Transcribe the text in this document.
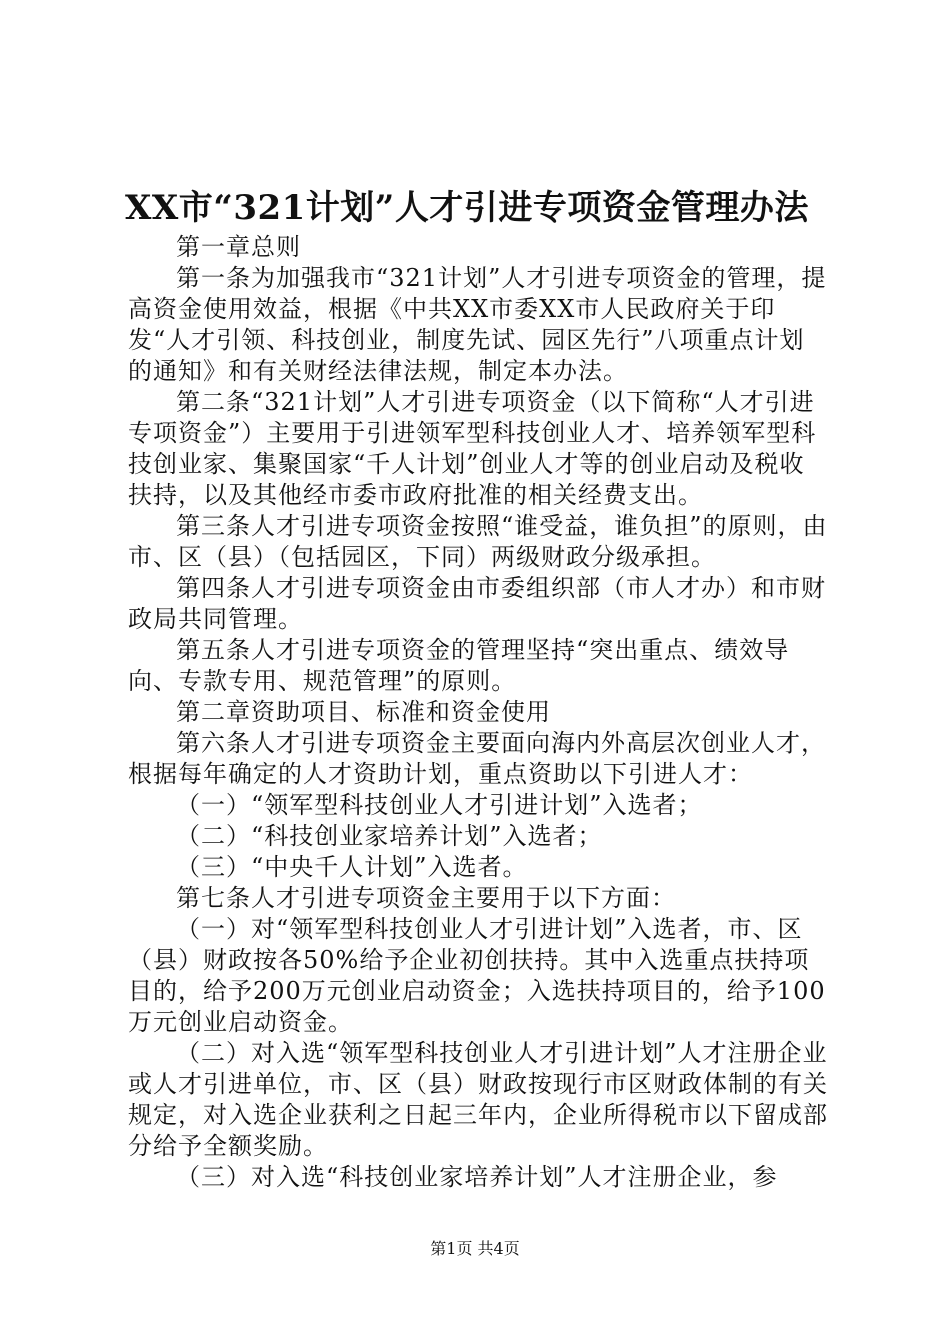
XX市“321计划”人才引进专项资金管理办法

第一章总则

第一条为加强我市“321计划”人才引进专项资金的管理，提高资金使用效益，根据《中共XX市委XX市人民政府关于印发“人才引领、科技创业，制度先试、园区先行”八项重点计划的通知》和有关财经法律法规，制定本办法。

第二条“321计划”人才引进专项资金（以下简称“人才引进专项资金”）主要用于引进领军型科技创业人才、培养领军型科技创业家、集聚国家“千人计划”创业人才等的创业启动及税收扶持，以及其他经市委市政府批准的相关经费支出。

第三条人才引进专项资金按照“谁受益，谁负担”的原则，由市、区（县）（包括园区，下同）两级财政分级承担。

第四条人才引进专项资金由市委组织部（市人才办）和市财政局共同管理。

第五条人才引进专项资金的管理坚持“突出重点、绩效导向、专款专用、规范管理”的原则。

第二章资助项目、标准和资金使用

第六条人才引进专项资金主要面向海内外高层次创业人才，根据每年确定的人才资助计划，重点资助以下引进人才：

（一）“领军型科技创业人才引进计划”入选者；

（二）“科技创业家培养计划”入选者；

（三）“中央千人计划”入选者。

第七条人才引进专项资金主要用于以下方面：

（一）对“领军型科技创业人才引进计划”入选者，市、区（县）财政按各50%给予企业初创扶持。其中入选重点扶持项目的，给予200万元创业启动资金；入选扶持项目的，给予100万元创业启动资金。

（二）对入选“领军型科技创业人才引进计划”人才注册企业或人才引进单位，市、区（县）财政按现行市区财政体制的有关规定，对入选企业获利之日起三年内，企业所得税市以下留成部分给予全额奖励。

（三）对入选“科技创业家培养计划”人才注册企业，参

第1页 共4页
